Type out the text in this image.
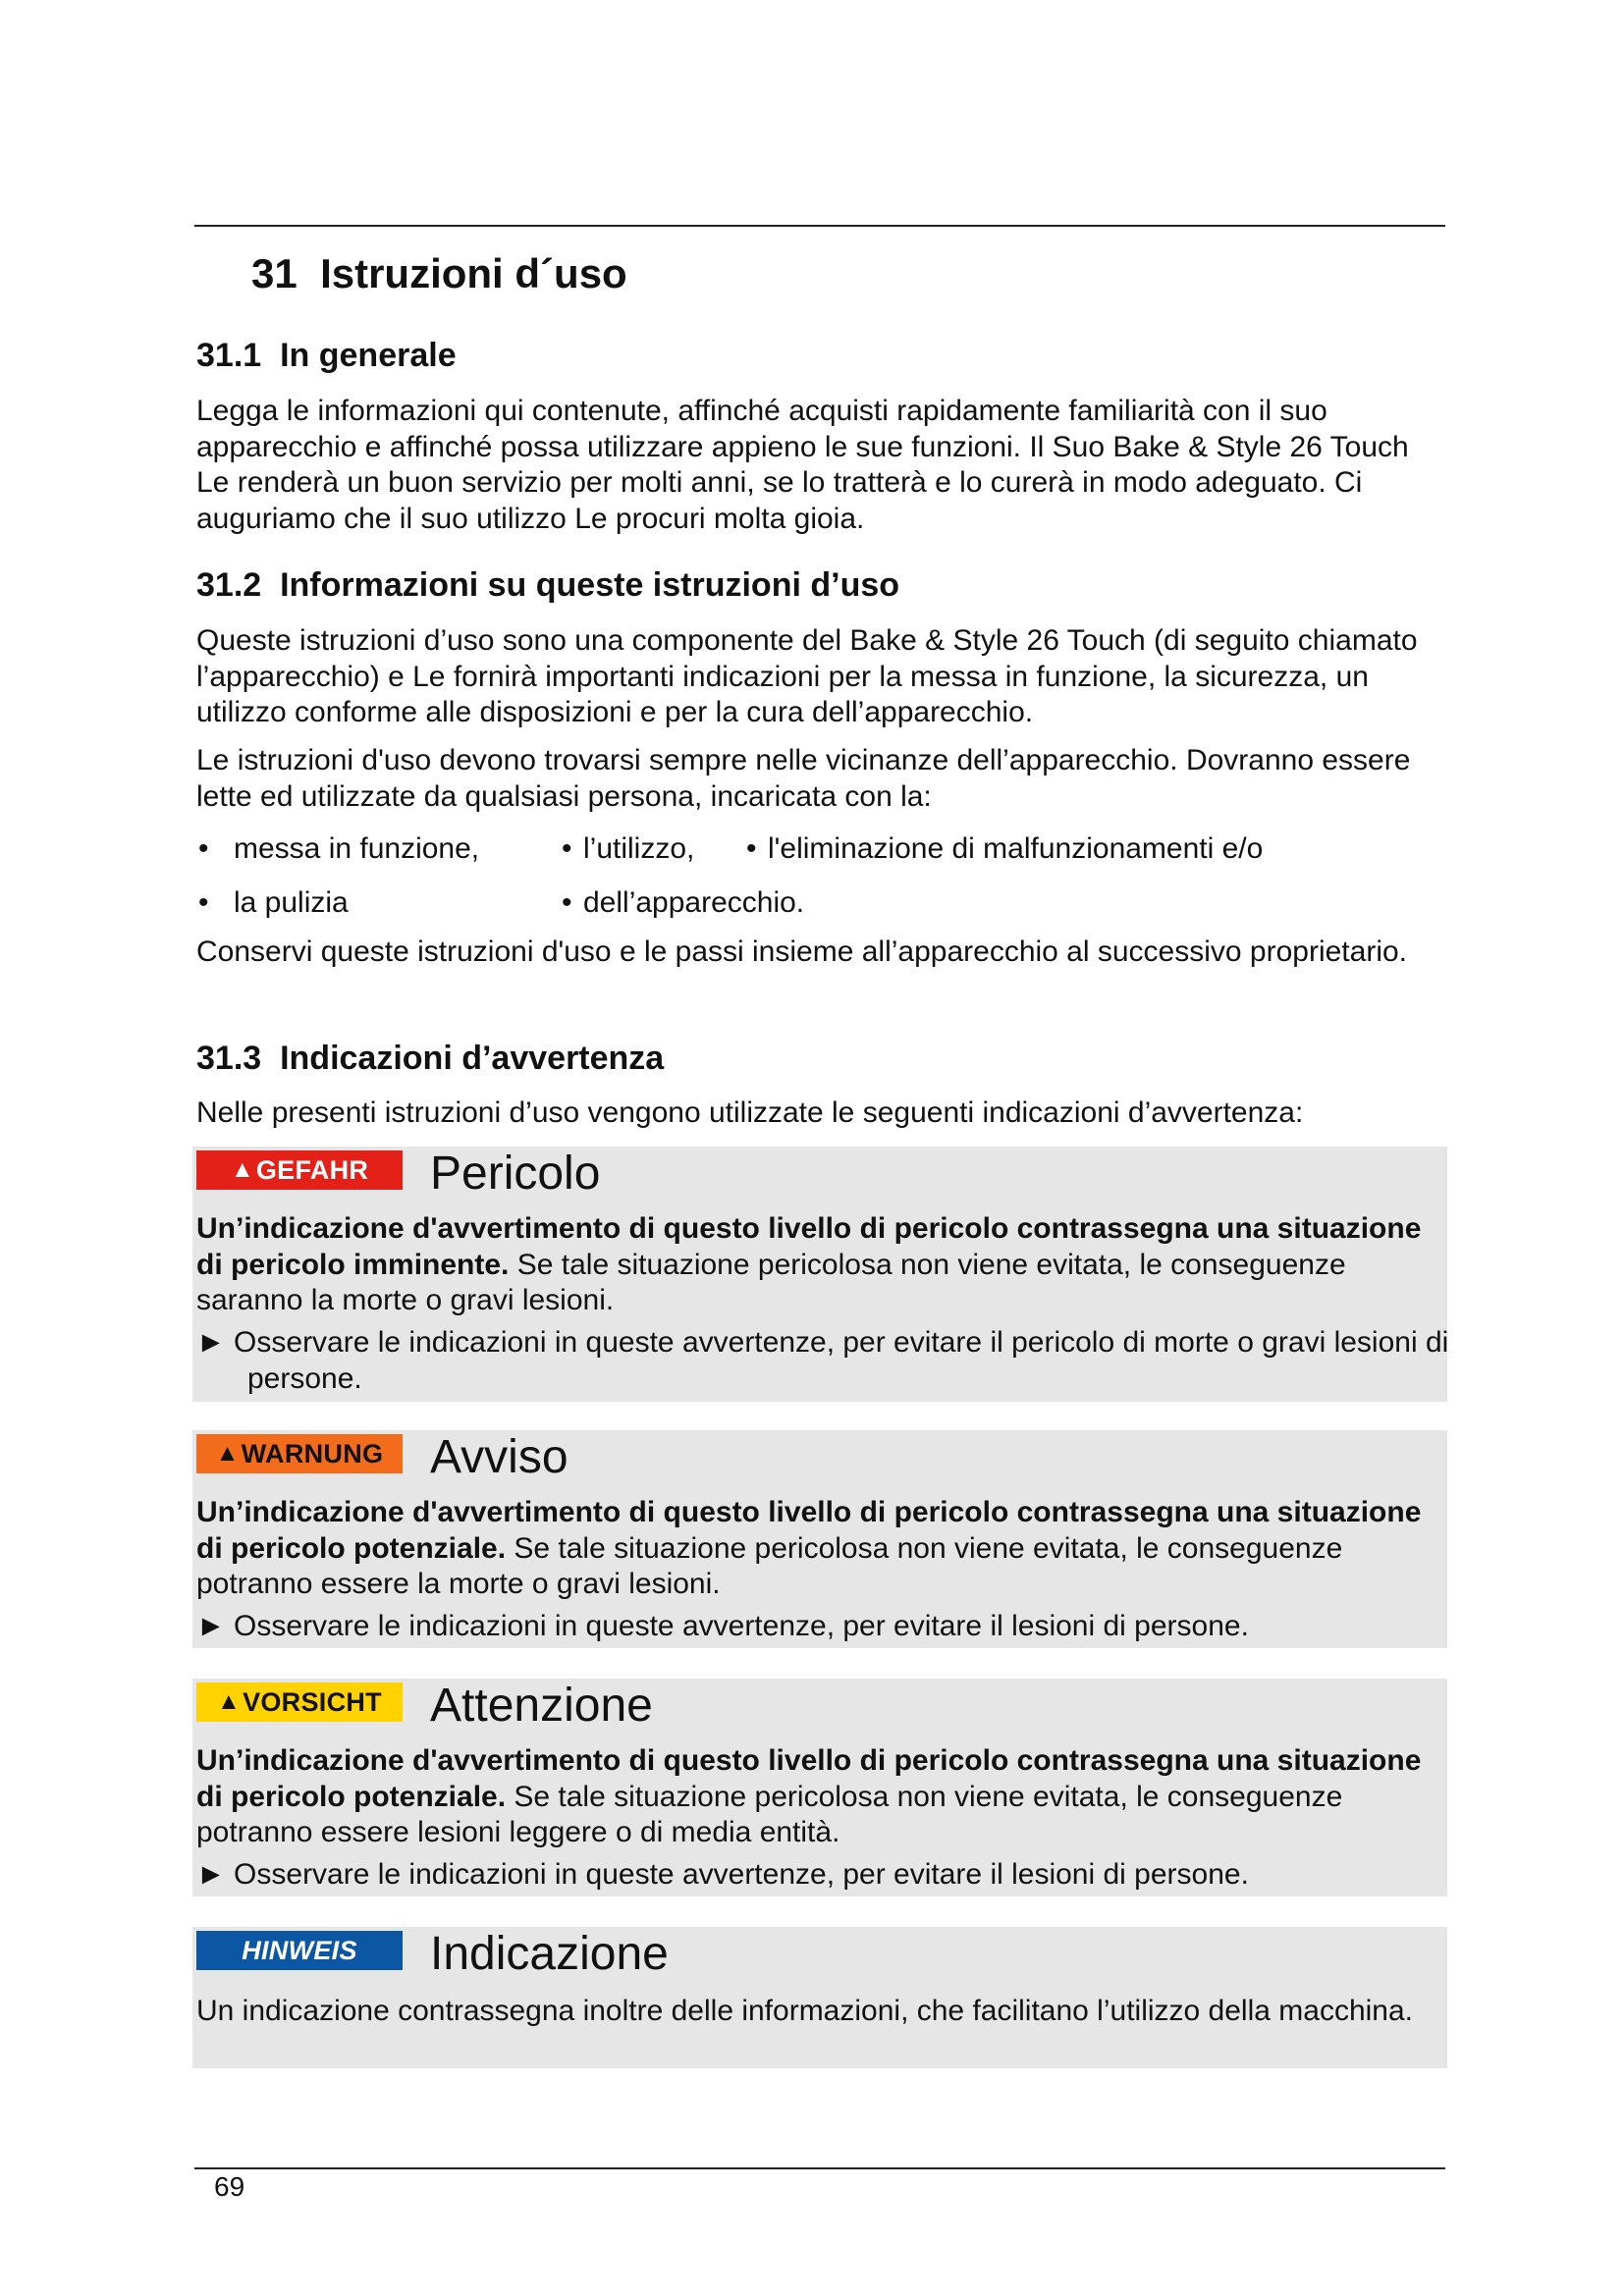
31 Istruzioni d´uso
31.1 In generale

Legga le informazioni qui contenute, affinché acquisti rapidamente familiarità con il suo apparecchio e affinché possa utilizzare appieno le sue funzioni. Il Suo Bake & Style 26 Touch Le renderà un buon servizio per molti anni, se lo tratterà e lo curerà in modo adeguato. Ci auguriamo che il suo utilizzo Le procuri molta gioia.

31.2 Informazioni su queste istruzioni d’uso

Queste istruzioni d’uso sono una componente del Bake & Style 26 Touch (di seguito chiamato l’apparecchio) e Le fornirà importanti indicazioni per la messa in funzione, la sicurezza, un utilizzo conforme alle disposizioni e per la cura dell’apparecchio.

Le istruzioni d'uso devono trovarsi sempre nelle vicinanze dell’apparecchio. Dovranno essere lette ed utilizzate da qualsiasi persona, incaricata con la:

• messa in funzione,	• l’utilizzo, • l'eliminazione di malfunzionamenti e/o
• la pulizia	• dell’apparecchio.

Conservi queste istruzioni d'uso e le passi insieme all’apparecchio al successivo proprietario.

31.3 Indicazioni d’avvertenza

Nelle presenti istruzioni d’uso vengono utilizzate le seguenti indicazioni d’avvertenza:

▲ GEFAHR Pericolo

Un’indicazione d'avvertimento di questo livello di pericolo contrassegna una situazione di pericolo imminente. Se tale situazione pericolosa non viene evitata, le conseguenze saranno la morte o gravi lesioni.

► Osservare le indicazioni in queste avvertenze, per evitare il pericolo di morte o gravi lesioni di persone.

▲ WARNUNG Avviso

Un’indicazione d'avvertimento di questo livello di pericolo contrassegna una situazione di pericolo potenziale. Se tale situazione pericolosa non viene evitata, le conseguenze potranno essere la morte o gravi lesioni.

► Osservare le indicazioni in queste avvertenze, per evitare il lesioni di persone.

▲ VORSICHT Attenzione

Un’indicazione d'avvertimento di questo livello di pericolo contrassegna una situazione di pericolo potenziale. Se tale situazione pericolosa non viene evitata, le conseguenze potranno essere lesioni leggere o di media entità.

► Osservare le indicazioni in queste avvertenze, per evitare il lesioni di persone.

HINWEIS	Indicazione

Un indicazione contrassegna inoltre delle informazioni, che facilitano l’utilizzo della macchina.

69
